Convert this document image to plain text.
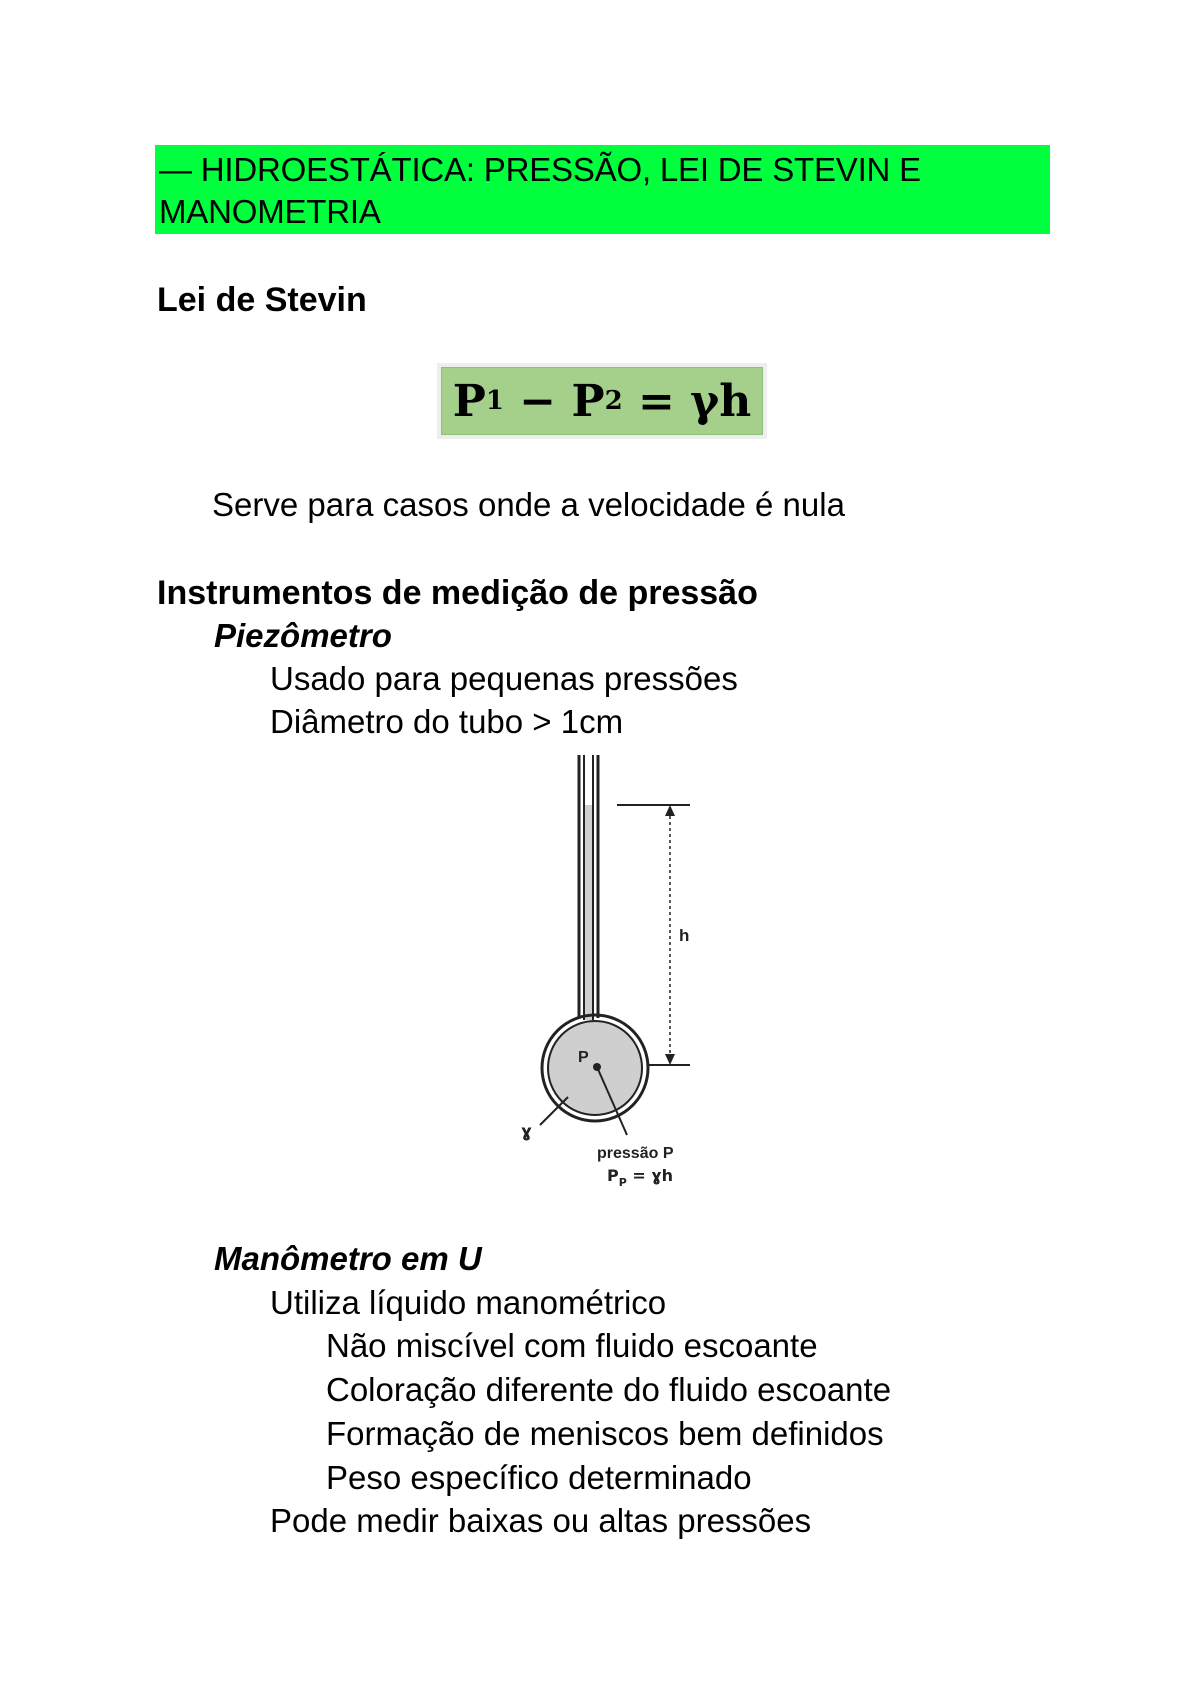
— HIDROESTÁTICA: PRESSÃO, LEI DE STEVIN E MANOMETRIA
Lei de Stevin
P 1 − P 2 = γh
Serve para casos onde a velocidade é nula
Instrumentos de medição de pressão
Piezômetro
Usado para pequenas pressões
Diâmetro do tubo > 1cm
h
P
ɣ
pressão P
$P_P$ = ɣh
Manômetro em U
Utiliza líquido manométrico
Não miscível com fluido escoante
Coloração diferente do fluido escoante
Formação de meniscos bem definidos
Peso específico determinado
Pode medir baixas ou altas pressões
